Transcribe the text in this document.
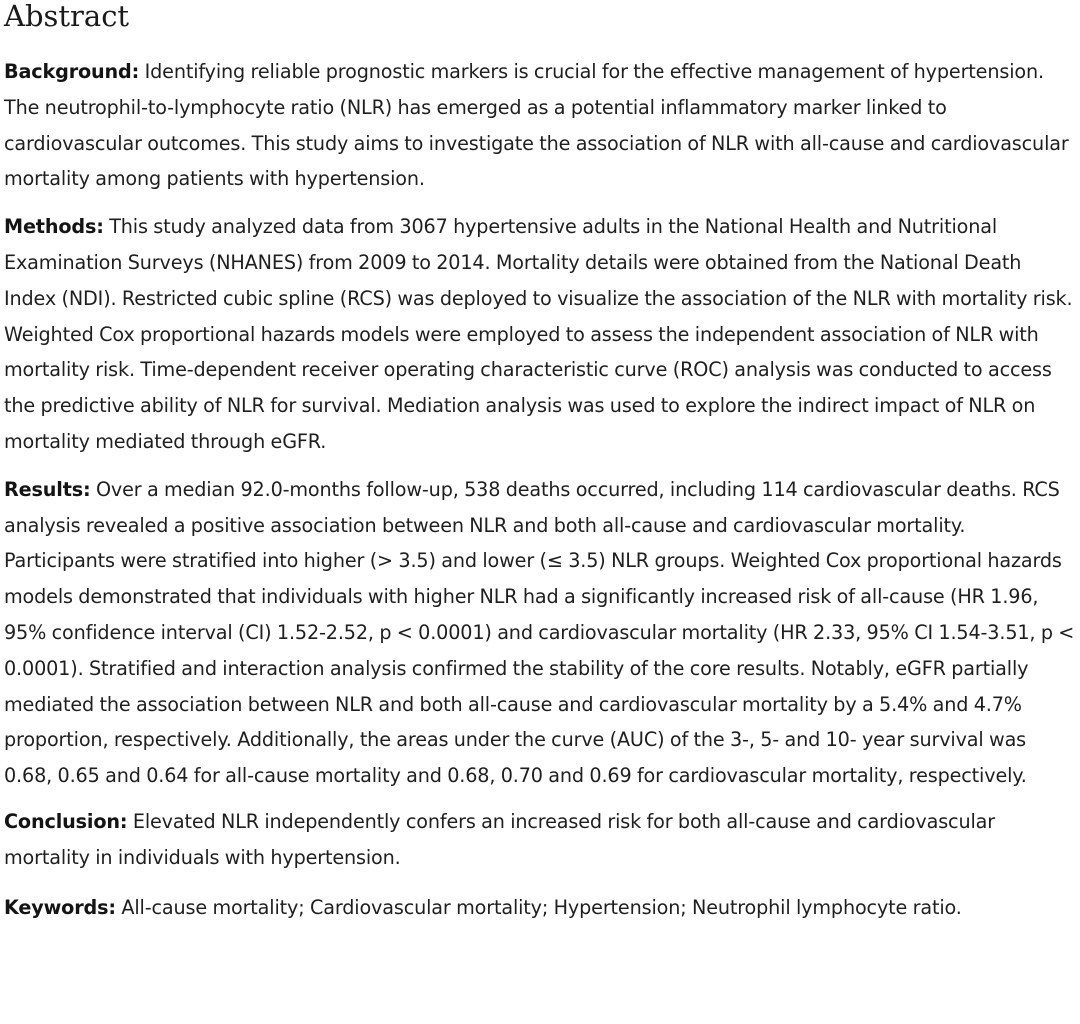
Abstract

Background: Identifying reliable prognostic markers is crucial for the effective management of hypertension. The neutrophil-to-lymphocyte ratio (NLR) has emerged as a potential inflammatory marker linked to cardiovascular outcomes. This study aims to investigate the association of NLR with all-cause and cardiovascular mortality among patients with hypertension.

Methods: This study analyzed data from 3067 hypertensive adults in the National Health and Nutritional Examination Surveys (NHANES) from 2009 to 2014. Mortality details were obtained from the National Death Index (NDI). Restricted cubic spline (RCS) was deployed to visualize the association of the NLR with mortality risk. Weighted Cox proportional hazards models were employed to assess the independent association of NLR with mortality risk. Time-dependent receiver operating characteristic curve (ROC) analysis was conducted to access the predictive ability of NLR for survival. Mediation analysis was used to explore the indirect impact of NLR on mortality mediated through eGFR.

Results: Over a median 92.0-months follow-up, 538 deaths occurred, including 114 cardiovascular deaths. RCS analysis revealed a positive association between NLR and both all-cause and cardiovascular mortality. Participants were stratified into higher (> 3.5) and lower (≤ 3.5) NLR groups. Weighted Cox proportional hazards models demonstrated that individuals with higher NLR had a significantly increased risk of all-cause (HR 1.96, 95% confidence interval (CI) 1.52-2.52, p < 0.0001) and cardiovascular mortality (HR 2.33, 95% CI 1.54-3.51, p < 0.0001). Stratified and interaction analysis confirmed the stability of the core results. Notably, eGFR partially mediated the association between NLR and both all-cause and cardiovascular mortality by a 5.4% and 4.7% proportion, respectively. Additionally, the areas under the curve (AUC) of the 3-, 5- and 10- year survival was 0.68, 0.65 and 0.64 for all-cause mortality and 0.68, 0.70 and 0.69 for cardiovascular mortality, respectively.

Conclusion: Elevated NLR independently confers an increased risk for both all-cause and cardiovascular mortality in individuals with hypertension.

Keywords: All-cause mortality; Cardiovascular mortality; Hypertension; Neutrophil lymphocyte ratio.
